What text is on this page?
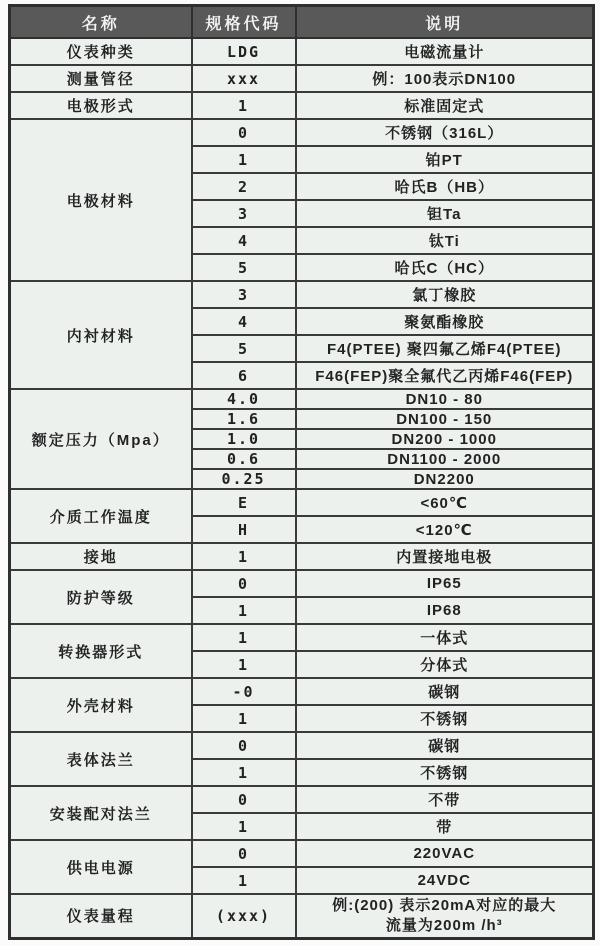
名称	规格代码	说明
仪表种类	LDG	电磁流量计
测量管径	xxx	例：100表示DN100
电极形式	1	标准固定式
电极材料	0	不锈钢（316L）
	1	铂PT
	2	哈氏B（HB）
	3	钽Ta
	4	钛Ti
	5	哈氏C（HC）
内衬材料	3	氯丁橡胶
	4	聚氨酯橡胶
	5	F4(PTEE) 聚四氟乙烯F4(PTEE)
	6	F46(FEP)聚全氟代乙丙烯F46(FEP)
额定压力（Mpa）	4.0	DN10 - 80
	1.6	DN100 - 150
	1.0	DN200 - 1000
	0.6	DN1100 - 2000
	0.25	DN2200
介质工作温度	E	<60℃
	H	<120℃
接地	1	内置接地电极
防护等级	0	IP65
	1	IP68
转换器形式	1	一体式
	1	分体式
外壳材料	-0	碳钢
	1	不锈钢
表体法兰	0	碳钢
	1	不锈钢
安装配对法兰	0	不带
	1	带
供电电源	0	220VAC
	1	24VDC
仪表量程	(xxx)	例:(200) 表示20mA对应的最大
流量为200m /h³
